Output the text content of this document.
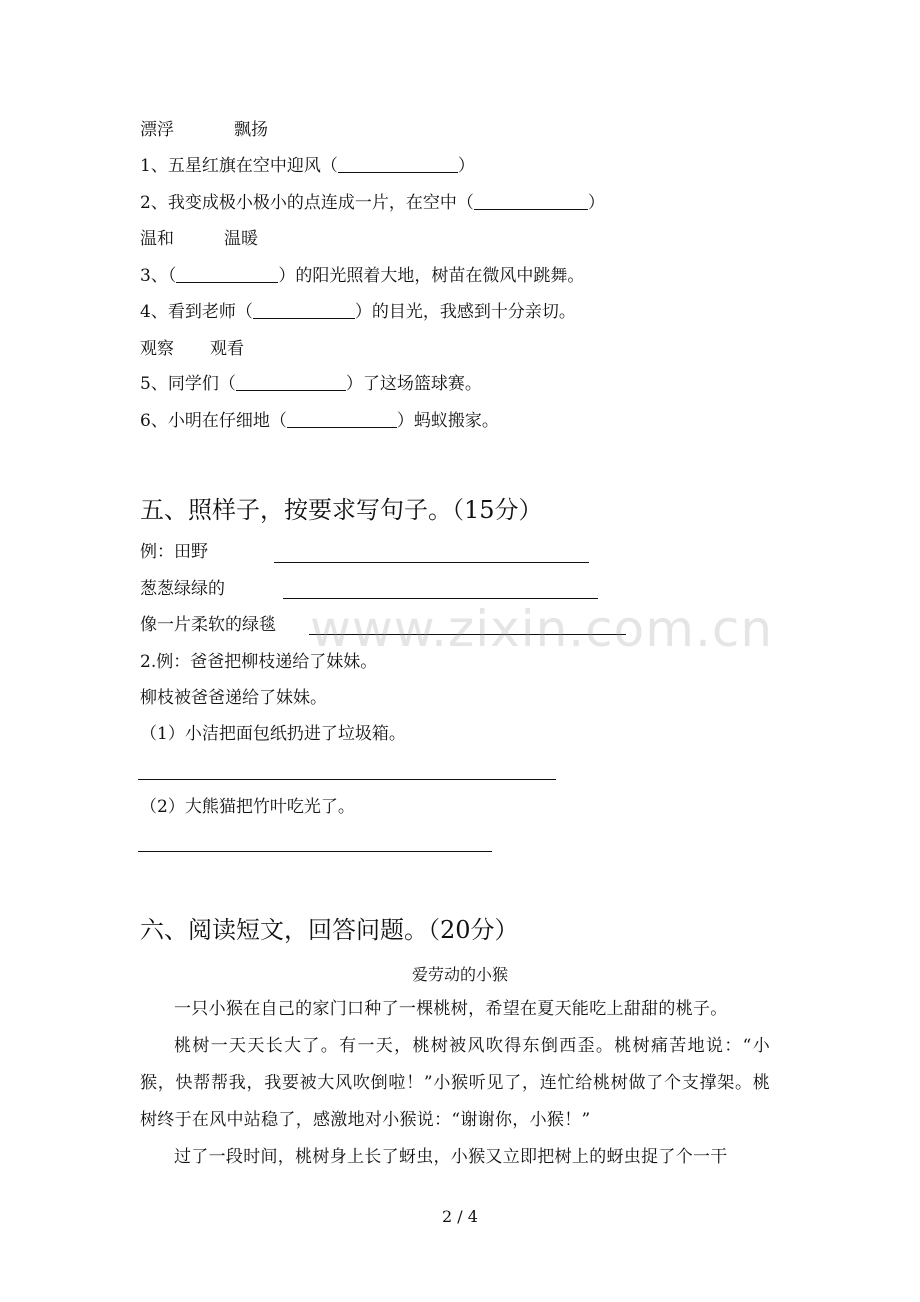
漂浮	飘扬
1、五星红旗在空中迎风（	）
2、我变成极小极小的点连成一片，在空中（	）
温和	温暖
3、（	）的阳光照着大地，树苗在微风中跳舞。
4、看到老师（	）的目光，我感到十分亲切。
观察 观看
5、同学们（	）了这场篮球赛。
6、小明在仔细地（	）蚂蚁搬家。
五、照样子，按要求写句子。（15分）
例：田野
葱葱绿绿的
像一片柔软的绿毯
2.例：爸爸把柳枝递给了妹妹。
柳枝被爸爸递给了妹妹。
（1）小洁把面包纸扔进了垃圾箱。
（2）大熊猫把竹叶吃光了。
六、阅读短文，回答问题。（20分）
爱劳动的小猴

一只小猴在自己的家门口种了一棵桃树，希望在夏天能吃上甜甜的桃子。

桃树一天天长大了。有一天，桃树被风吹得东倒西歪。桃树痛苦地说：“小猴，快帮帮我，我要被大风吹倒啦！”小猴听见了，连忙给桃树做了个支撑架。桃树终于在风中站稳了，感激地对小猴说：“谢谢你，小猴！”

过了一段时间，桃树身上长了蚜虫，小猴又立即把树上的蚜虫捉了个一干

www.zixin.com.cn
2 / 4
